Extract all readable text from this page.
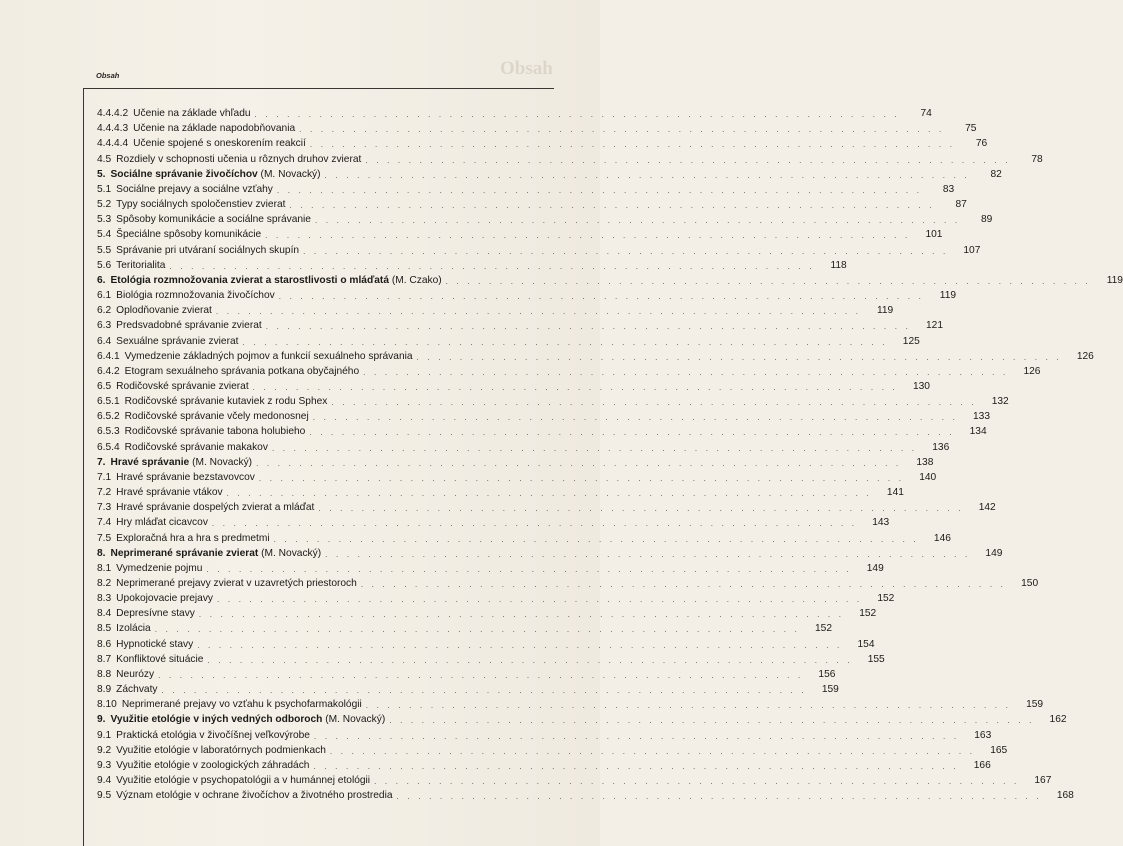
Obsah
Obsah
4.4.4.2 Učenie na základe vhľadu . . . . . . . . . . . . . . . . . . . . . . . . . . . . . . . . . . . . . . . . . . . . . . . . . . . . . . . . . . . .	74
4.4.4.3 Učenie na základe napodobňovania . . . . . . . . . . . . . . . . . . . . . . . . . . . . . . . . . . . . . . . . . . . . . . . . . . . . . . . . . . . .	75
4.4.4.4 Učenie spojené s oneskorením reakcií . . . . . . . . . . . . . . . . . . . . . . . . . . . . . . . . . . . . . . . . . . . . . . . . . . . . . . . . . . . .	76
4.5 Rozdiely v schopnosti učenia u rôznych druhov zvierat . . . . . . . . . . . . . . . . . . . . . . . . . . . . . . . . . . . . . . . . . . . . . . . . . . . . . . . . . . . .	78
5. Sociálne správanie živočíchov (M. Novacký) . . . . . . . . . . . . . . . . . . . . . . . . . . . . . . . . . . . . . . . . . . . . . . . . . . . . . . . . . . . .	82
5.1 Sociálne prejavy a sociálne vzťahy . . . . . . . . . . . . . . . . . . . . . . . . . . . . . . . . . . . . . . . . . . . . . . . . . . . . . . . . . . . .	83
5.2 Typy sociálnych spoločenstiev zvierat . . . . . . . . . . . . . . . . . . . . . . . . . . . . . . . . . . . . . . . . . . . . . . . . . . . . . . . . . . . .	87
5.3 Spôsoby komunikácie a sociálne správanie . . . . . . . . . . . . . . . . . . . . . . . . . . . . . . . . . . . . . . . . . . . . . . . . . . . . . . . . . . . .	89
5.4 Špeciálne spôsoby komunikácie . . . . . . . . . . . . . . . . . . . . . . . . . . . . . . . . . . . . . . . . . . . . . . . . . . . . . . . . . . . .	101
5.5 Správanie pri utváraní sociálnych skupín . . . . . . . . . . . . . . . . . . . . . . . . . . . . . . . . . . . . . . . . . . . . . . . . . . . . . . . . . . . .	107
5.6 Teritorialita . . . . . . . . . . . . . . . . . . . . . . . . . . . . . . . . . . . . . . . . . . . . . . . . . . . . . . . . . . . .	118
6. Etológia rozmnožovania zvierat a starostlivosti o mláďatá (M. Czako) . . . . . . . . . . . . . . . . . . . . . . . . . . . . . . . . . . . . . . . . . . . . . . . . . . . . . . . . . . . .	119
6.1 Biológia rozmnožovania živočíchov . . . . . . . . . . . . . . . . . . . . . . . . . . . . . . . . . . . . . . . . . . . . . . . . . . . . . . . . . . . .	119
6.2 Oplodňovanie zvierat . . . . . . . . . . . . . . . . . . . . . . . . . . . . . . . . . . . . . . . . . . . . . . . . . . . . . . . . . . . .	119
6.3 Predsvadobné správanie zvierat . . . . . . . . . . . . . . . . . . . . . . . . . . . . . . . . . . . . . . . . . . . . . . . . . . . . . . . . . . . .	121
6.4 Sexuálne správanie zvierat . . . . . . . . . . . . . . . . . . . . . . . . . . . . . . . . . . . . . . . . . . . . . . . . . . . . . . . . . . . .	125
6.4.1 Vymedzenie základných pojmov a funkcií sexuálneho správania . . . . . . . . . . . . . . . . . . . . . . . . . . . . . . . . . . . . . . . . . . . . . . . . . . . . . . . . . . . .	126
6.4.2 Etogram sexuálneho správania potkana obyčajného . . . . . . . . . . . . . . . . . . . . . . . . . . . . . . . . . . . . . . . . . . . . . . . . . . . . . . . . . . . .	126
6.5 Rodičovské správanie zvierat . . . . . . . . . . . . . . . . . . . . . . . . . . . . . . . . . . . . . . . . . . . . . . . . . . . . . . . . . . . .	130
6.5.1 Rodičovské správanie kutaviek z rodu Sphex . . . . . . . . . . . . . . . . . . . . . . . . . . . . . . . . . . . . . . . . . . . . . . . . . . . . . . . . . . . .	132
6.5.2 Rodičovské správanie včely medonosnej . . . . . . . . . . . . . . . . . . . . . . . . . . . . . . . . . . . . . . . . . . . . . . . . . . . . . . . . . . . .	133
6.5.3 Rodičovské správanie tabona holubieho . . . . . . . . . . . . . . . . . . . . . . . . . . . . . . . . . . . . . . . . . . . . . . . . . . . . . . . . . . . .	134
6.5.4 Rodičovské správanie makakov . . . . . . . . . . . . . . . . . . . . . . . . . . . . . . . . . . . . . . . . . . . . . . . . . . . . . . . . . . . .	136
7. Hravé správanie (M. Novacký) . . . . . . . . . . . . . . . . . . . . . . . . . . . . . . . . . . . . . . . . . . . . . . . . . . . . . . . . . . . .	138
7.1 Hravé správanie bezstavovcov . . . . . . . . . . . . . . . . . . . . . . . . . . . . . . . . . . . . . . . . . . . . . . . . . . . . . . . . . . . .	140
7.2 Hravé správanie vtákov . . . . . . . . . . . . . . . . . . . . . . . . . . . . . . . . . . . . . . . . . . . . . . . . . . . . . . . . . . . .	141
7.3 Hravé správanie dospelých zvierat a mláďat . . . . . . . . . . . . . . . . . . . . . . . . . . . . . . . . . . . . . . . . . . . . . . . . . . . . . . . . . . . .	142
7.4 Hry mláďat cicavcov . . . . . . . . . . . . . . . . . . . . . . . . . . . . . . . . . . . . . . . . . . . . . . . . . . . . . . . . . . . .	143
7.5 Exploračná hra a hra s predmetmi . . . . . . . . . . . . . . . . . . . . . . . . . . . . . . . . . . . . . . . . . . . . . . . . . . . . . . . . . . . .	146
8. Neprimerané správanie zvierat (M. Novacký) . . . . . . . . . . . . . . . . . . . . . . . . . . . . . . . . . . . . . . . . . . . . . . . . . . . . . . . . . . . .	149
8.1 Vymedzenie pojmu . . . . . . . . . . . . . . . . . . . . . . . . . . . . . . . . . . . . . . . . . . . . . . . . . . . . . . . . . . . .	149
8.2 Neprimerané prejavy zvierat v uzavretých priestoroch . . . . . . . . . . . . . . . . . . . . . . . . . . . . . . . . . . . . . . . . . . . . . . . . . . . . . . . . . . . .	150
8.3 Upokojovacie prejavy . . . . . . . . . . . . . . . . . . . . . . . . . . . . . . . . . . . . . . . . . . . . . . . . . . . . . . . . . . . .	152
8.4 Depresívne stavy . . . . . . . . . . . . . . . . . . . . . . . . . . . . . . . . . . . . . . . . . . . . . . . . . . . . . . . . . . . .	152
8.5 Izolácia . . . . . . . . . . . . . . . . . . . . . . . . . . . . . . . . . . . . . . . . . . . . . . . . . . . . . . . . . . . .	152
8.6 Hypnotické stavy . . . . . . . . . . . . . . . . . . . . . . . . . . . . . . . . . . . . . . . . . . . . . . . . . . . . . . . . . . . .	154
8.7 Konfliktové situácie . . . . . . . . . . . . . . . . . . . . . . . . . . . . . . . . . . . . . . . . . . . . . . . . . . . . . . . . . . . .	155
8.8 Neurózy . . . . . . . . . . . . . . . . . . . . . . . . . . . . . . . . . . . . . . . . . . . . . . . . . . . . . . . . . . . .	156
8.9 Záchvaty . . . . . . . . . . . . . . . . . . . . . . . . . . . . . . . . . . . . . . . . . . . . . . . . . . . . . . . . . . . .	159
8.10 Neprimerané prejavy vo vzťahu k psychofarmakológii . . . . . . . . . . . . . . . . . . . . . . . . . . . . . . . . . . . . . . . . . . . . . . . . . . . . . . . . . . . .	159
9. Využitie etológie v iných vedných odboroch (M. Novacký) . . . . . . . . . . . . . . . . . . . . . . . . . . . . . . . . . . . . . . . . . . . . . . . . . . . . . . . . . . . .	162
9.1 Praktická etológia v živočíšnej veľkovýrobe . . . . . . . . . . . . . . . . . . . . . . . . . . . . . . . . . . . . . . . . . . . . . . . . . . . . . . . . . . . .	163
9.2 Využitie etológie v laboratórnych podmienkach . . . . . . . . . . . . . . . . . . . . . . . . . . . . . . . . . . . . . . . . . . . . . . . . . . . . . . . . . . . .	165
9.3 Využitie etológie v zoologických záhradách . . . . . . . . . . . . . . . . . . . . . . . . . . . . . . . . . . . . . . . . . . . . . . . . . . . . . . . . . . . .	166
9.4 Využitie etológie v psychopatológii a v humánnej etológii . . . . . . . . . . . . . . . . . . . . . . . . . . . . . . . . . . . . . . . . . . . . . . . . . . . . . . . . . . . .	167
9.5 Význam etológie v ochrane živočíchov a životného prostredia . . . . . . . . . . . . . . . . . . . . . . . . . . . . . . . . . . . . . . . . . . . . . . . . . . . . . . . . . . . .	168
